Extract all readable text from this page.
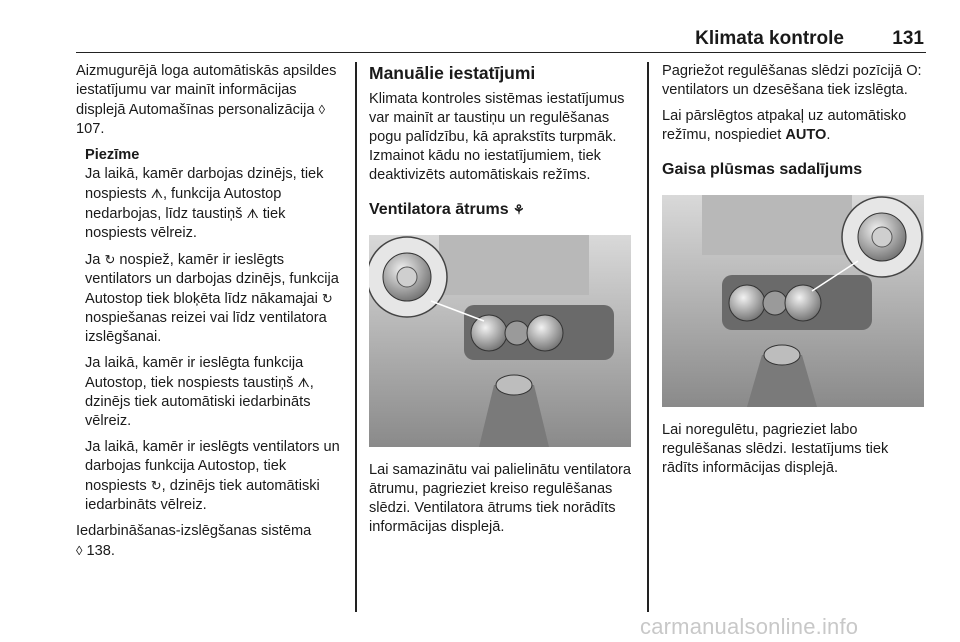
Klimata kontrole	131

Aizmugurējā loga automātiskās apsildes iestatījumu var mainīt informācijas displejā Automašīnas personalizācija ◊ 107.

Piezīme

Ja laikā, kamēr darbojas dzinējs, tiek nospiests ᗑ, funkcija Autostop nedarbojas, līdz taustiņš ᗑ tiek nospiests vēlreiz.

Ja ↻ nospiež, kamēr ir ieslēgts ventilators un darbojas dzinējs, funkcija Autostop tiek bloķēta līdz nākamajai ↻ nospiešanas reizei vai līdz ventilatora izslēgšanai.

Ja laikā, kamēr ir ieslēgta funkcija Autostop, tiek nospiests taustiņš ᗑ, dzinējs tiek automātiski iedarbināts vēlreiz.

Ja laikā, kamēr ir ieslēgts ventilators un darbojas funkcija Autostop, tiek nospiests ↻, dzinējs tiek automātiski iedarbināts vēlreiz.

Iedarbināšanas-izslēgšanas sistēma
◊ 138.

Manuālie iestatījumi

Klimata kontroles sistēmas iestatījumus var mainīt ar taustiņu un regulēšanas pogu palīdzību, kā aprakstīts turpmāk. Izmainot kādu no iestatījumiem, tiek deaktivizēts automātiskais režīms.

Ventilatora ātrums ⚘

Lai samazinātu vai palielinātu ventilatora ātrumu, pagrieziet kreiso regulēšanas slēdzi. Ventilatora ātrums tiek norādīts informācijas displejā.

Pagriežot regulēšanas slēdzi pozīcijā O: ventilators un dzesēšana tiek izslēgta.

Lai pārslēgtos atpakaļ uz automātisko režīmu, nospiediet AUTO.

Gaisa plūsmas sadalījums

Lai noregulētu, pagrieziet labo regulēšanas slēdzi. Iestatījums tiek rādīts informācijas displejā.

carmanualsonline.info
